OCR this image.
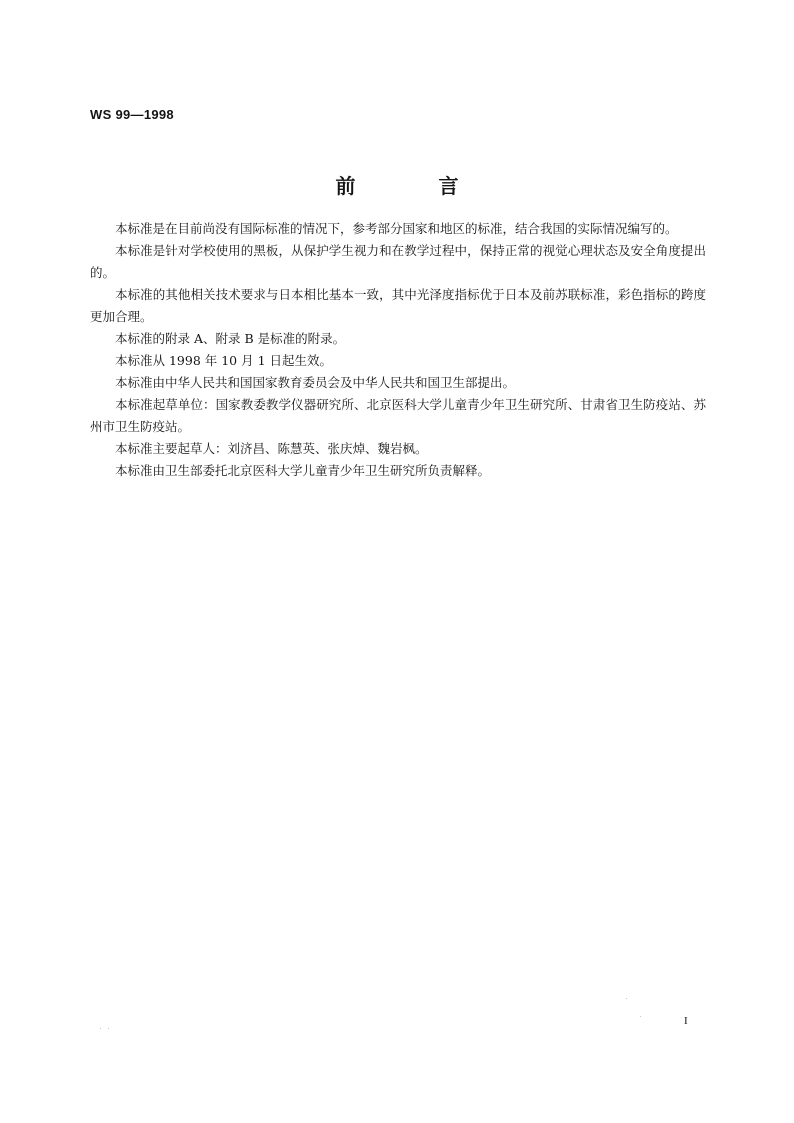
WS 99—1998
前 言

本标准是在目前尚没有国际标准的情况下，参考部分国家和地区的标准，结合我国的实际情况编写的。

本标准是针对学校使用的黑板，从保护学生视力和在教学过程中，保持正常的视觉心理状态及安全角度提出的。

本标准的其他相关技术要求与日本相比基本一致，其中光泽度指标优于日本及前苏联标准，彩色指标的跨度更加合理。

本标准的附录 A、附录 B 是标准的附录。

本标准从 1998 年 10 月 1 日起生效。

本标准由中华人民共和国国家教育委员会及中华人民共和国卫生部提出。

本标准起草单位：国家教委教学仪器研究所、北京医科大学儿童青少年卫生研究所、甘肃省卫生防疫站、苏州市卫生防疫站。

本标准主要起草人：刘济昌、陈慧英、张庆焯、魏岩枫。

本标准由卫生部委托北京医科大学儿童青少年卫生研究所负责解释。

I
